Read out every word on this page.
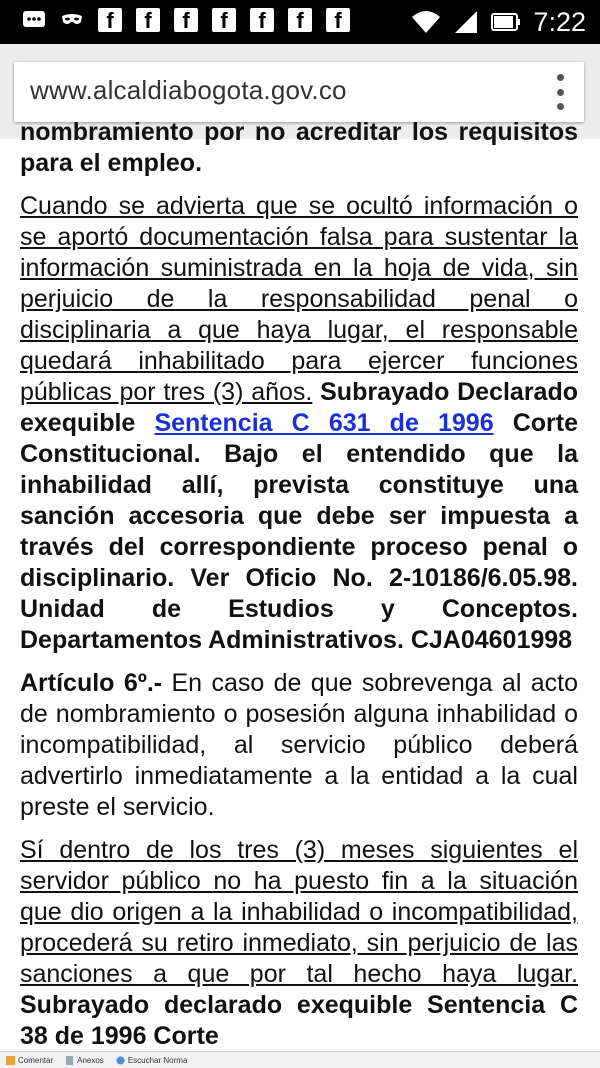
f	f	f	f	f	f	f	7:22
www.alcaldiabogota.gov.co

nombramiento por no acreditar los requisitos para el empleo.

Cuando se advierta que se ocultó información o se aportó documentación falsa para sustentar la información suministrada en la hoja de vida, sin perjuicio de la responsabilidad penal o disciplinaria a que haya lugar, el responsable quedará inhabilitado para ejercer funciones públicas por tres (3) años. Subrayado Declarado exequible Sentencia C 631 de 1996 Corte Constitucional. Bajo el entendido que la inhabilidad allí, prevista constituye una sanción accesoria que debe ser impuesta a través del correspondiente proceso penal o disciplinario. Ver Oficio No. 2-10186/6.05.98. Unidad de Estudios y Conceptos. Departamentos Administrativos. CJA04601998

Artículo 6º.- En caso de que sobrevenga al acto de nombramiento o posesión alguna inhabilidad o incompatibilidad, al servicio público deberá advertirlo inmediatamente a la entidad a la cual preste el servicio.

Sí dentro de los tres (3) meses siguientes el servidor público no ha puesto fin a la situación que dio origen a la inhabilidad o incompatibilidad, procederá su retiro inmediato, sin perjuicio de las sanciones a que por tal hecho haya lugar. Subrayado declarado exequible Sentencia C 38 de 1996 Corte

Comentar	Anexos	Escuchar Norma
